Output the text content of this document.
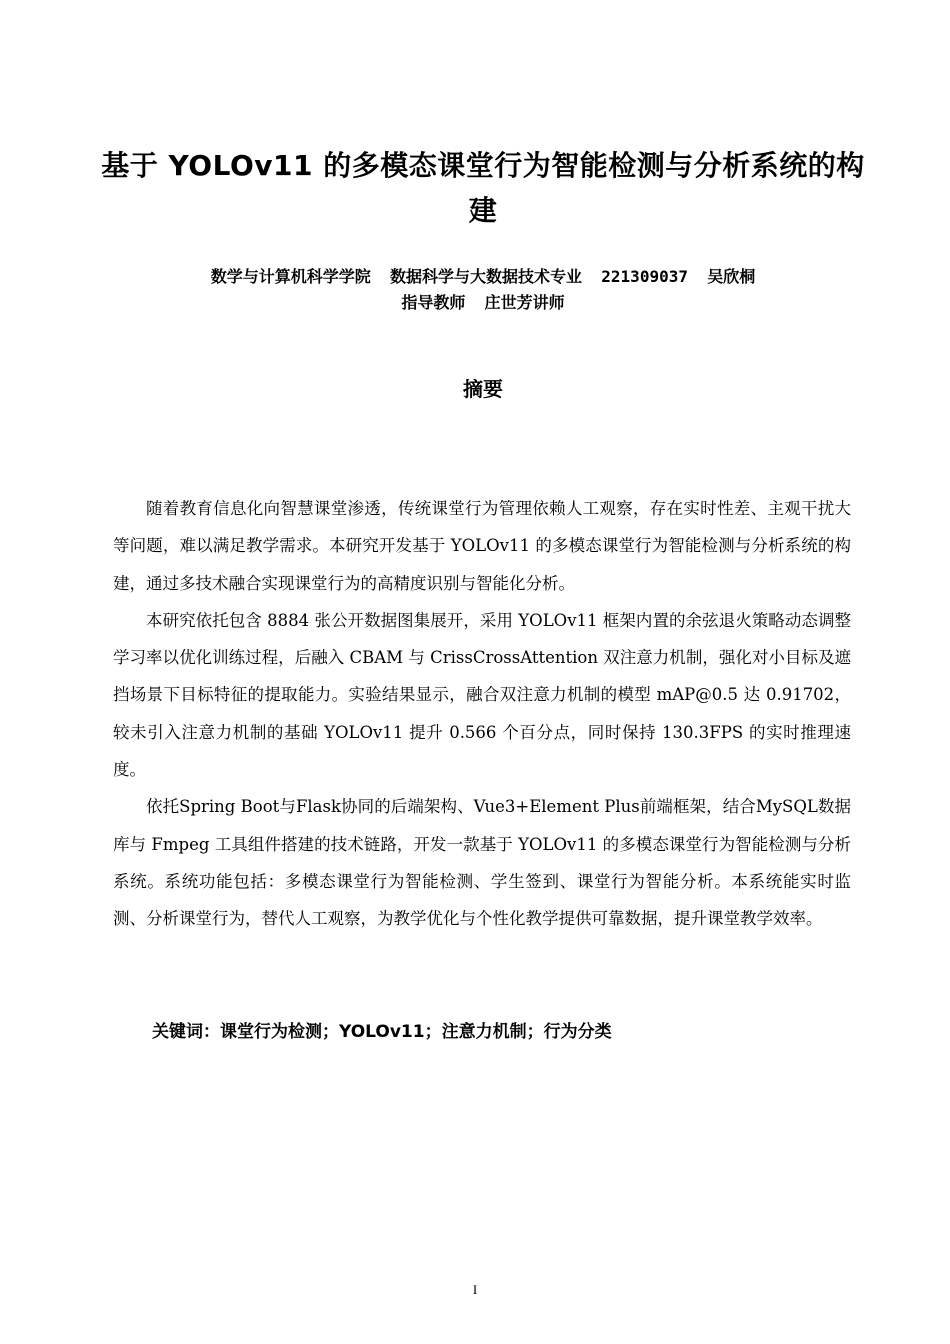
基于 YOLOv11 的多模态课堂行为智能检测与分析系统的构建
数学与计算机科学学院  数据科学与大数据技术专业  221309037  吴欣桐
指导教师  庄世芳讲师
摘要

随着教育信息化向智慧课堂渗透，传统课堂行为管理依赖人工观察，存在实时性差、主观干扰大等问题，难以满足教学需求。本研究开发基于 YOLOv11 的多模态课堂行为智能检测与分析系统的构建，通过多技术融合实现课堂行为的高精度识别与智能化分析。

本研究依托包含 8884 张公开数据图集展开，采用 YOLOv11 框架内置的余弦退火策略动态调整学习率以优化训练过程，后融入 CBAM 与 CrissCrossAttention 双注意力机制，强化对小目标及遮挡场景下目标特征的提取能力。实验结果显示，融合双注意力机制的模型 mAP@0.5 达 0.91702，较未引入注意力机制的基础 YOLOv11 提升 0.566 个百分点，同时保持 130.3FPS 的实时推理速度。

依托Spring Boot与Flask协同的后端架构、Vue3+Element Plus前端框架，结合MySQL数据库与 Fmpeg 工具组件搭建的技术链路，开发一款基于 YOLOv11 的多模态课堂行为智能检测与分析系统。系统功能包括：多模态课堂行为智能检测、学生签到、课堂行为智能分析。本系统能实时监测、分析课堂行为，替代人工观察，为教学优化与个性化教学提供可靠数据，提升课堂教学效率。

关键词：课堂行为检测；YOLOv11；注意力机制；行为分类
I
